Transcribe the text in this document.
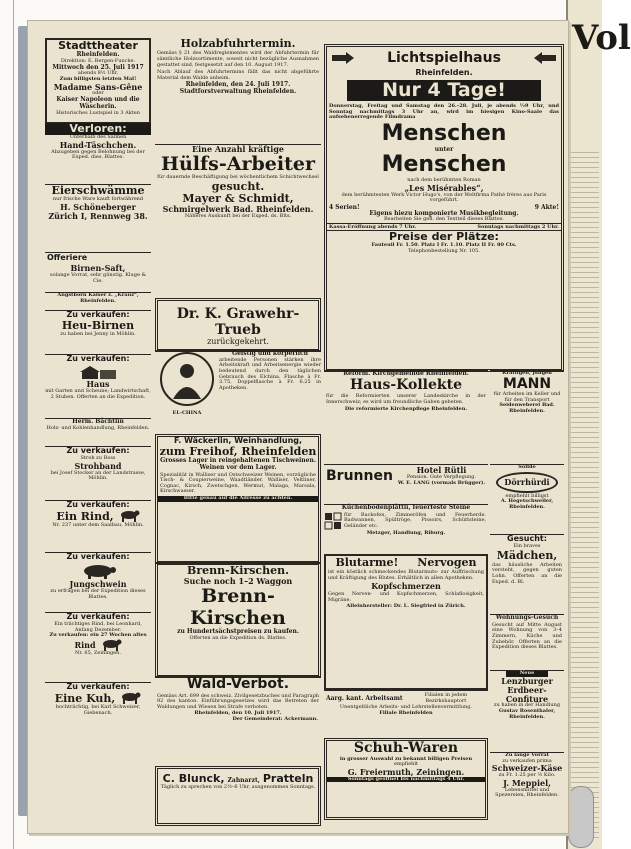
Vol
Stadttheater
Rheinfelden.
Direktion: E. Bergen-Funcke.
Mittwoch den 25. Juli 1917
abends 8½ Uhr.
Zum billigsten letzten Mal!
Madame Sans-Gêne
oder
Kaiser Napoleon und die Wäscherin.
Historisches Lustspiel in 3 Akten
Verloren:
Unterhalb des Salmen
Hand-Täschchen.
Abzugeben gegen Belohnung bei der Exped. dies. Blattes.
Eierschwämme
nur frische Ware kauft fortwährend
H. Schöneberger
Zürich I, Rennweg 38.
Offeriere
Birnen-Saft,
solange Vorrat, sehr günstig. Kluge & Cie.
Angstborn Kaiser z. „Krauz“, Rheinfelden.
Zu verkaufen:
Heu-Birnen
zu haben bei Jenny in Möhlin.
Zu verkaufen:
Haus
mit Garten und Scheune; Landwirtschaft, 2 Stuben. Offerten an die Expedition.
Herm. Bächtlin
Holz- und Kohlenhandlung, Rheinfelden.
Zu verkaufen:
Stroh zu Ross
Strohband
bei Josef Stocker an der Landstrasse, Möhlin.
Zu verkaufen:
Ein Rind,
Nr. 237 unter dem Saalbau, Möhlin.
Zu verkaufen:
Jungschwein
zu erfragen bei der Expedition dieses Blattes.
Zu verkaufen:
Ein trächtiges Rind, bei Leonhard, Anfang Dezember.
Zu verkaufen: ein 27 Wochen altes
Rind
Nr. 65, Zeiningen.
Zu verkaufen:
Eine Kuh,
hochträchtig, bei Karl Schweizer, Giebenach.
Holzabfuhrtermin.
Gemäss § 21 des Waldreglementes wird der Abfuhrtermin für sämtliche Holzsortimente, soweit nicht bezügliche Ausnahmen gestattet sind, festgesetzt auf den 10. August 1917.
Nach Ablauf des Abfuhrtermins fällt das nicht abgeführte Material dem Walde anheim.
Rheinfelden, den 24. Juli 1917.
Stadtforstverwaltung Rheinfelden.
Eine Anzahl kräftige
Hülfs-Arbeiter
für dauernde Beschäftigung bei wöchentlichem Schichtwechsel
gesucht.
Mayer & Schmidt,
Schmirgelwerk Bad. Rheinfelden.
Näheres Auskunft bei der Exped. ds. Blts.
Dr. K. Grawehr-Trueb
zurückgekehrt.
EL-CHINA
Geistig und körperlich
arbeitende Personen stärken ihre Arbeitskraft und Arbeitsenergie wieder bedeutend durch den täglichen Gebrauch des Elchina. Flasche à Fr. 3.75, Doppelflasche à Fr. 6.25 in Apotheken.
F. Wäckerlin, Weinhandlung,
zum Freihof, Rheinfelden
Grosses Lager in reingehaltenen Tischweinen.
Weinen vor dem Lager.
Spezialität in Walliser und Ostschweizer Weinen, vorzügliche Tisch- & Coupierweine, Waadtländer, Walliser, Veltliner, Cognac, Kirsch, Zwetschgen, Wermut, Malaga, Marsala, Kirschwasser.
Bitte genau auf die Adresse zu achten.
Brenn-Kirschen.
Suche noch 1–2 Waggon
Brenn-Kirschen
zu Hundertsächstpreisen zu kaufen.
Offerten an die Expedition ds. Blattes.
Wald-Verbot.
Gemäss Art. 699 des schweiz. Zivilgesetzbuches und Paragraph 92 des kanton. Einführungsgesetzes wird das Betreten der Waldungen und Wiesen bei Strafe verboten.
Rheinfelden, den 10. Juli 1917.
Der Gemeinderat: Ackermann.
C. Blunck, Zahnarzt, Pratteln
Täglich zu sprechen von 2½–6 Uhr, ausgenommen Sonntags.
Lichtspielhaus
Rheinfelden.
Nur 4 Tage!
Donnerstag, Freitag und Samstag den 26.–28. Juli, je abends ½9 Uhr, und Sonntag nachmittags 3 Uhr an, wird im hiesigen Kino-Saale das aufsehenerregende Filmdrama
Menschen
unter
Menschen
nach dem berühmten Roman
„Les Misérables“,
dem berühmtesten Werk Victor Hugo's, von der Weltfirma Pathé frères aus Paris vorgeführt.
4 Serien!	9 Akte!
Eigens hiezu komponierte Musikbegleitung.
Bearbeiten Sie gefl. den Textteil dieses Blattes.
Kassa-Eröffnung abends 7 Uhr.	Sonntags nachmittags 2 Uhr.
Preise der Plätze:
Fauteuil Fr. 1.50. Platz I Fr. 1.10. Platz II Fr. 80 Cts.
Telephonbestellung Nr. 105.
Reform. Kirchgemeinde Rheinfelden.
Haus-Kollekte
für die Reformierten unserer Landeskirche in der Innerschweiz; es wird um freundliche Gaben gebeten.
Die reformierte Kirchenpflege Rheinfelden.
Kräftigen, jungen
MANN
für Arbeiten im Keller und für den Transport
Seidenweberei Bad. Rheinfelden.
Brunnen	Hotel Rütli
Pension. Gute Verpflegung.
W. E. LANG (vormals Brügger).
Solide
Dörrhürdi
empfiehlt billigst
A. Hegetschweiler, Rheinfelden.
Küchenbodenplättli, feuerfeste Steine
für Backofen, Zimmeröfen und Feuerherde. Badwannen, Spültröge, Pissoirs, Schüttsteine, Geländer etc.
Metzger, Handlung, Riburg.
Gesucht:
Ein braves
Mädchen,
das häusliche Arbeiten versteht, gegen guten Lohn. Offerten an die Exped. d. Bl.
Blutarme! Nervogen
ist ein köstlich schmeckendes Blutarmuts- zur Auffrischung und Kräftigung des Blutes. Erhältlich in allen Apotheken.
Kopfschmerzen
Gegen Nerven- und Kopfschmerzen, Schlaflosigkeit, Migräne.
Alleinhersteller: Dr. L. Siegfried in Zürich.
Wohnungs-Gesuch
Gesucht auf Mitte August eine Wohnung von 3–4 Zimmern, Küche und Zubehör. Offerten an die Expedition dieses Blattes.
Neue
Lenzburger
Erdbeer-
Confiture
zu haben in der Handlung
Gustav Rosenthaler, Rheinfelden.
Aarg. kant. Arbeitsamt	Filialen in jedem Bezirkshauptort
Unentgeltliche Arbeits- und Lehrstellenvermittlung.
Filiale Rheinfelden
Schuh-Waren
in grosser Auswahl zu bekannt billigen Preisen
empfiehlt
G. Freiermuth, Zeiningen.
Sonntags geöffnet bis nachmittags 4 Uhr.
Zu lange Vorrat
zu verkaufen prima
Schweizer-Käse
zu Fr. 1.25 per ½ Kilo.
J. Meppiel,
Lebensmittel und Spezereien, Rheinfelden.
